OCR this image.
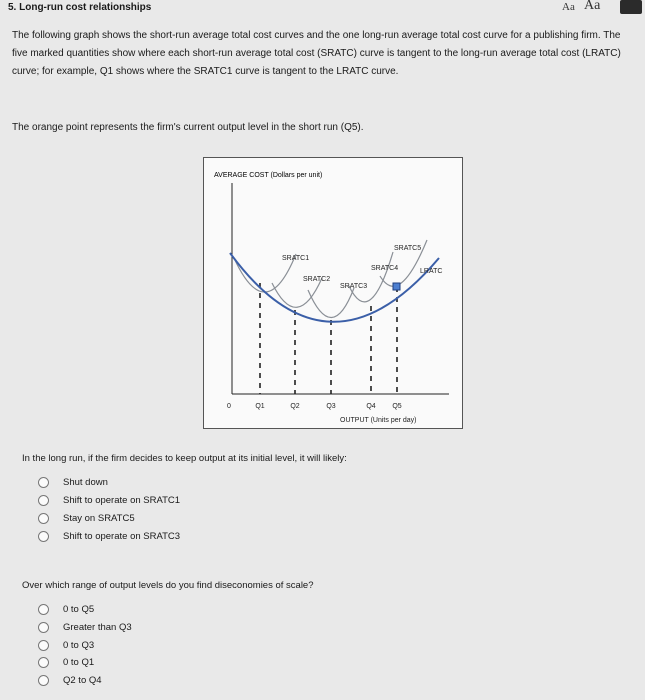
5. Long-run cost relationships	Aa Aa
The following graph shows the short-run average total cost curves and the one long-run average total cost curve for a publishing firm. The five marked quantities show where each short-run average total cost (SRATC) curve is tangent to the long-run average total cost (LRATC) curve; for example, Q1 shows where the SRATC1 curve is tangent to the LRATC curve.
The orange point represents the firm's current output level in the short run (Q5).
AVERAGE COST (Dollars per unit)
SRATC1
SRATC2
SRATC3
SRATC4
SRATC5
LRATC
0	Q1	Q2	Q3	Q4 Q5
OUTPUT (Units per day)
In the long run, if the firm decides to keep output at its initial level, it will likely:
Shut down
Shift to operate on SRATC1
Stay on SRATC5
Shift to operate on SRATC3
Over which range of output levels do you find diseconomies of scale?
0 to Q5
Greater than Q3
0 to Q3
0 to Q1
Q2 to Q4
